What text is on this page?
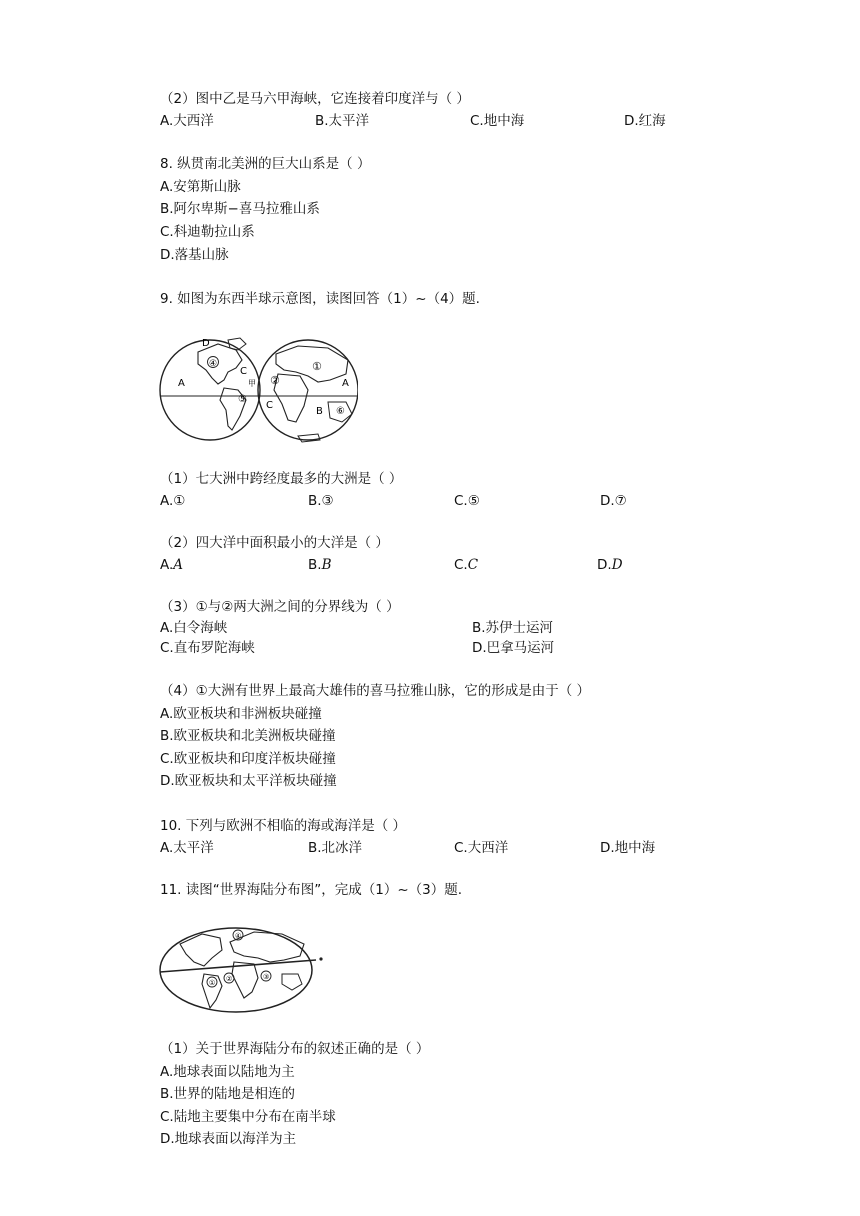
（2）图中乙是马六甲海峡，它连接着印度洋与（ ）
A.大西洋	B.太平洋	C.地中海	D.红海
8. 纵贯南北美洲的巨大山系是（ ）
A.安第斯山脉
B.阿尔卑斯−喜马拉雅山系
C.科迪勒拉山系
D.落基山脉
9. 如图为东西半球示意图，读图回答（1）~（4）题.
D
④
C
甲
⑤
A	②
①
A
C
B ⑥
（1）七大洲中跨经度最多的大洲是（ ）
A.①	B.③	C.⑤	D.⑦
（2）四大洋中面积最小的大洋是（ ）
A.A	B.B	C.C	D.D
（3）①与②两大洲之间的分界线为（ ）
A.白令海峡	B.苏伊士运河
C.直布罗陀海峡	D.巴拿马运河
（4）①大洲有世界上最高大雄伟的喜马拉雅山脉，它的形成是由于（ ）
A.欧亚板块和非洲板块碰撞
B.欧亚板块和北美洲板块碰撞
C.欧亚板块和印度洋板块碰撞
D.欧亚板块和太平洋板块碰撞
10. 下列与欧洲不相临的海或海洋是（ ）
A.太平洋	B.北冰洋	C.大西洋	D.地中海
11. 读图“世界海陆分布图”，完成（1）~（3）题.
④
① ②	③
（1）关于世界海陆分布的叙述正确的是（ ）
A.地球表面以陆地为主
B.世界的陆地是相连的
C.陆地主要集中分布在南半球
D.地球表面以海洋为主
